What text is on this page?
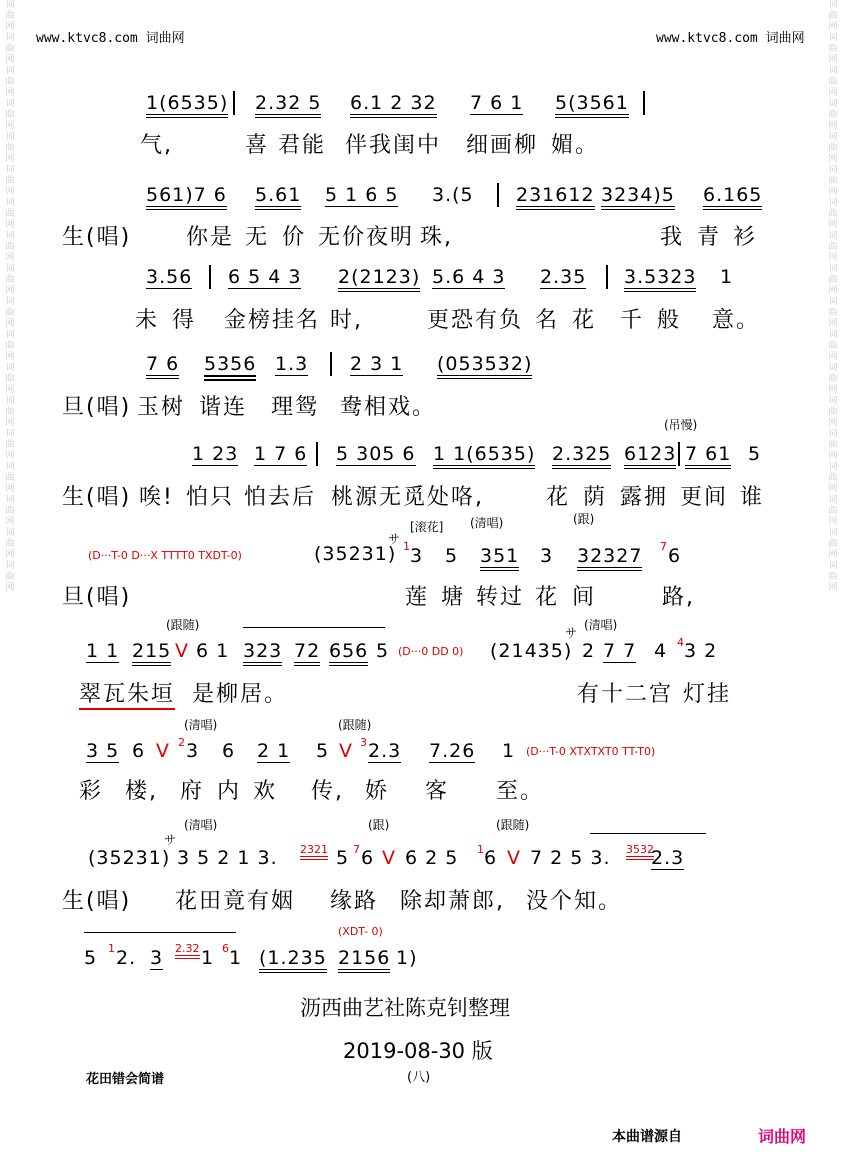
词曲网词曲网词曲网词曲网词曲网词曲网词曲网词曲网词曲网词曲网词曲网词曲网词曲网词曲网词曲网词曲网词曲网词曲网
词曲网词曲网词曲网词曲网词曲网词曲网词曲网词曲网词曲网词曲网词曲网词曲网词曲网词曲网词曲网词曲网词曲网词曲网
www.ktvc8.com 词曲网	www.ktvc8.com 词曲网
1(6535) 2.32 5 6.1 2 32 7 6 1 5(3561
气,	喜 君能 伴我闺中 细画柳 媚。
561)7 6 5.61 5 1 6 5 3.(5 231612 3234)5 6.165
生(唱) 你是 无 价 无价夜明 珠,	我 青 衫
3.56 6 5 4 3 2(2123) 5.6 4 3 2.35 3.5323 1
未 得 金榜挂名 时,	更恐有负 名 花 千 般 意。
7 6 5356 1.3 2 3 1 (053532)
旦(唱) 玉树 谐连 理鸳 鸯相戏。
(吊慢)
1 23 1 7 6 5 305 6 1 1(6535) 2.325 6123 7 61 5
生(唱) 唉! 怕只 怕去后 桃源无觅处咯,	花 荫 露拥 更间 谁
[滚花] (清唱)	(跟)
(D···T-0 D···X TTTT0 TXDT-0)	(35231)
サ
1 3 5 351 3 32327 7 6
旦(唱)	莲 塘 转过 花 间	路,
(跟随)	(清唱)
1 1 215 V 6 1 323 72 656 5 (D···0 DD 0) (21435)
サ
2 7 7 4 4 3 2
翠瓦朱垣 是柳居。	有十二宫 灯挂
(清唱)	(跟随)
3 5 6 V 2 3 6 2 1 5 V 3 2.3 7.26 1 (D···T-0 XTXTXT0 TT-T0)
彩 楼, 府 内 欢 传, 娇 客 至。
(清唱)	(跟)	(跟随)
(35231)
サ
3 5 2 1 3. 2321 5 7 6 V 6 2 5 1 6 V 7 2 5 3. 3532
2.3
生(唱) 花田竟有姻 缘路 除却萧郎, 没个知。
(XDT- 0)
5 1 2. 3 2.32 1 6 1 (1.235 2156 1)
沥西曲艺社陈克钊整理
2019-08-30 版
花田错会简谱	(八)
本曲谱源自	词曲网
